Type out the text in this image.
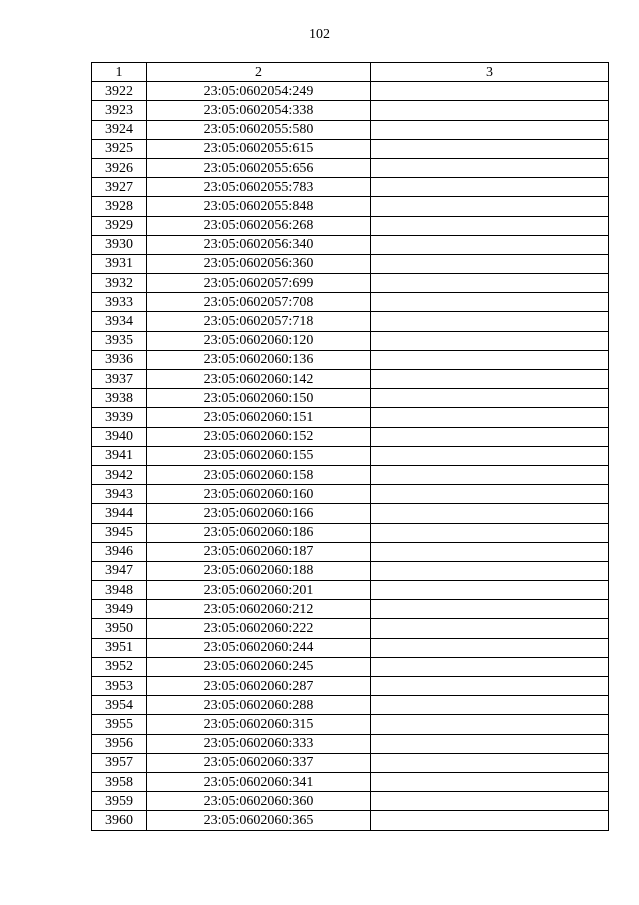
102
1	2	3
3922	23:05:0602054:249	
3923	23:05:0602054:338	
3924	23:05:0602055:580	
3925	23:05:0602055:615	
3926	23:05:0602055:656	
3927	23:05:0602055:783	
3928	23:05:0602055:848	
3929	23:05:0602056:268	
3930	23:05:0602056:340	
3931	23:05:0602056:360	
3932	23:05:0602057:699	
3933	23:05:0602057:708	
3934	23:05:0602057:718	
3935	23:05:0602060:120	
3936	23:05:0602060:136	
3937	23:05:0602060:142	
3938	23:05:0602060:150	
3939	23:05:0602060:151	
3940	23:05:0602060:152	
3941	23:05:0602060:155	
3942	23:05:0602060:158	
3943	23:05:0602060:160	
3944	23:05:0602060:166	
3945	23:05:0602060:186	
3946	23:05:0602060:187	
3947	23:05:0602060:188	
3948	23:05:0602060:201	
3949	23:05:0602060:212	
3950	23:05:0602060:222	
3951	23:05:0602060:244	
3952	23:05:0602060:245	
3953	23:05:0602060:287	
3954	23:05:0602060:288	
3955	23:05:0602060:315	
3956	23:05:0602060:333	
3957	23:05:0602060:337	
3958	23:05:0602060:341	
3959	23:05:0602060:360	
3960	23:05:0602060:365	
